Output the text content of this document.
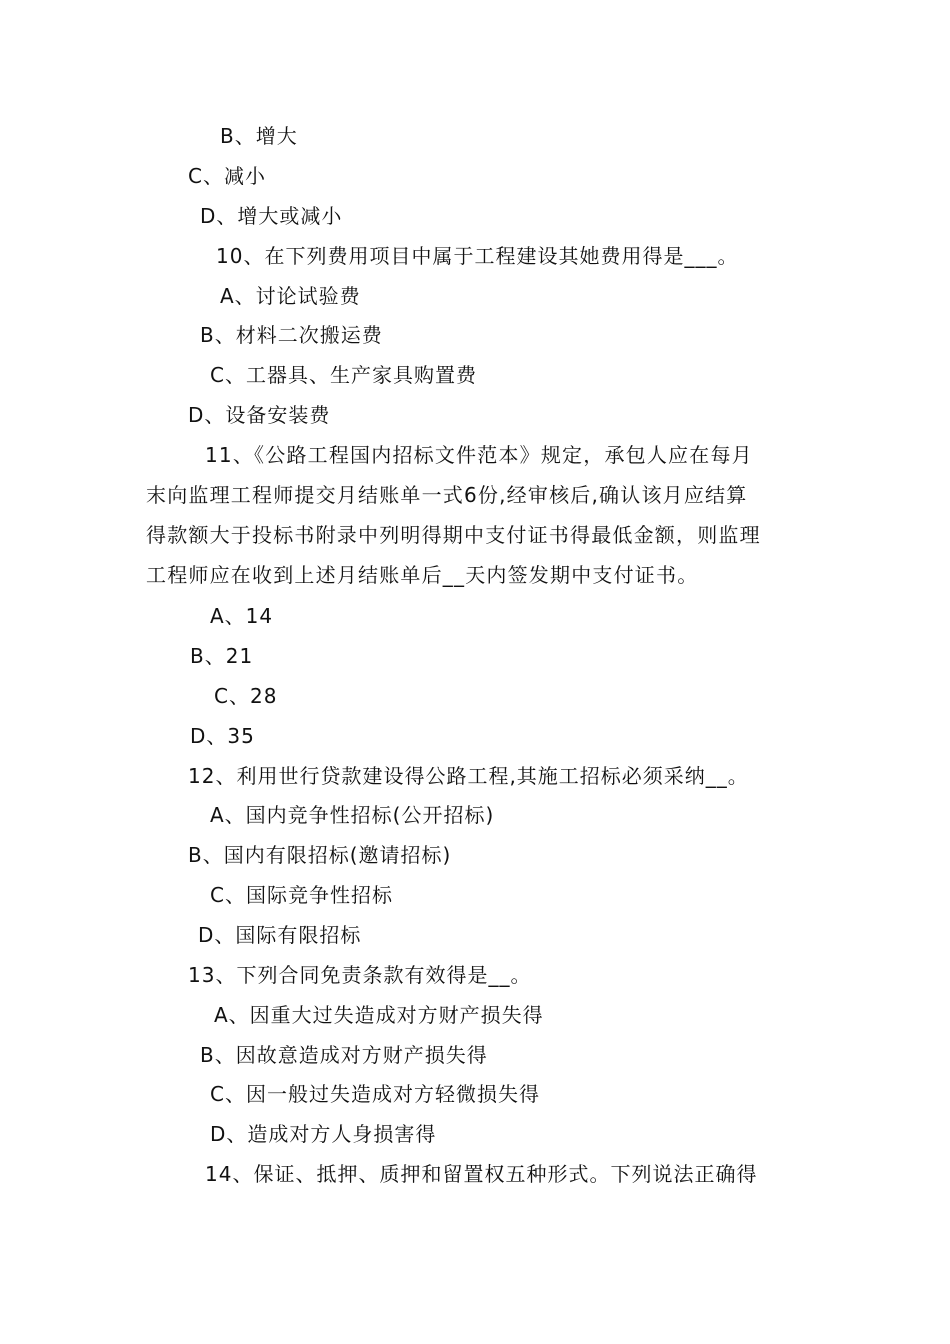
B、增大
C、减小
D、增大或减小
10、在下列费用项目中属于工程建设其她费用得是___。
A、讨论试验费
B、材料二次搬运费
C、工器具、生产家具购置费
D、设备安装费
11、《公路工程国内招标文件范本》规定，承包人应在每月
末向监理工程师提交月结账单一式6份,经审核后,确认该月应结算
得款额大于投标书附录中列明得期中支付证书得最低金额，则监理
工程师应在收到上述月结账单后__天内签发期中支付证书。
A、14
B、21
C、28
D、35
12、利用世行贷款建设得公路工程,其施工招标必须采纳__。
A、国内竞争性招标(公开招标)
B、国内有限招标(邀请招标)
C、国际竞争性招标
D、国际有限招标
13、下列合同免责条款有效得是__。
A、因重大过失造成对方财产损失得
B、因故意造成对方财产损失得
C、因一般过失造成对方轻微损失得
D、造成对方人身损害得
14、保证、抵押、质押和留置权五种形式。下列说法正确得
